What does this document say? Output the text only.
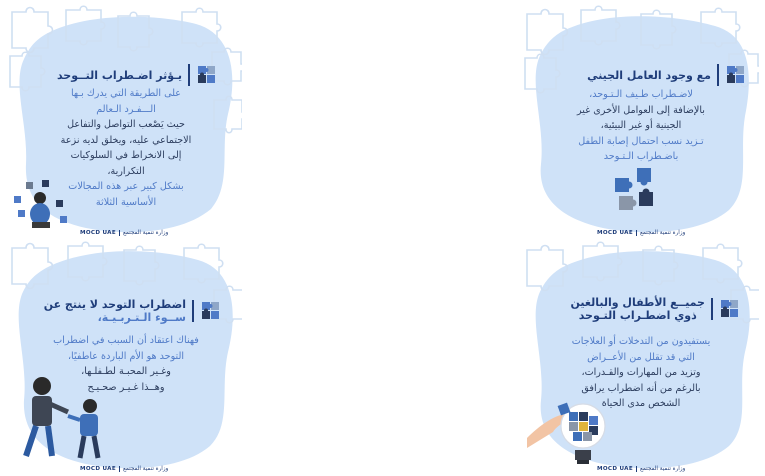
يـؤثر اضـطراب التــوحد
على الطريقة التي يدرك بـها
الـــفـرد الـعالم
حيث يَصْعب التواصل والتفاعل
الاجتماعي عليه، ويخلق لديه نزعة
إلى الانخراط في السلوكيات
التكرارية،
بشكل كبير عبر هذه المجالات
الأساسية الثلاثة
MOCD UAE وزارة تنمية المجتمع
مع وجود العامل الجيني
لاضـطراب طـيف الـتـوحد،
بالإضافة إلى العوامل الأخرى غير
الجينية أو غير البيئية،
تـزيد نسب احتمال إصابة الطفل
باضـطراب الـتـوحد
MOCD UAE وزارة تنمية المجتمع
اضطراب التوحد لا ينتج عن
ســوء الـتـربـيـة،
فهناك اعتقاد أن السبب في اضطراب
التوحد هو الأم الباردة عاطفيًا،
وغـير المحبـة لطـفلـها،
وهــذا غـيـر صحـيـح
MOCD UAE وزارة تنمية المجتمع
جميــع الأطفال والبالغين
ذوي اضطـراب التـوحد
يستفيدون من التدخلات أو العلاجات
التي قد تقلل من الأعــراض
وتزيد من المهارات والقـدرات،
بالرغم من أنه اضطراب يرافق
الشخص مدى الحياة
MOCD UAE وزارة تنمية المجتمع
